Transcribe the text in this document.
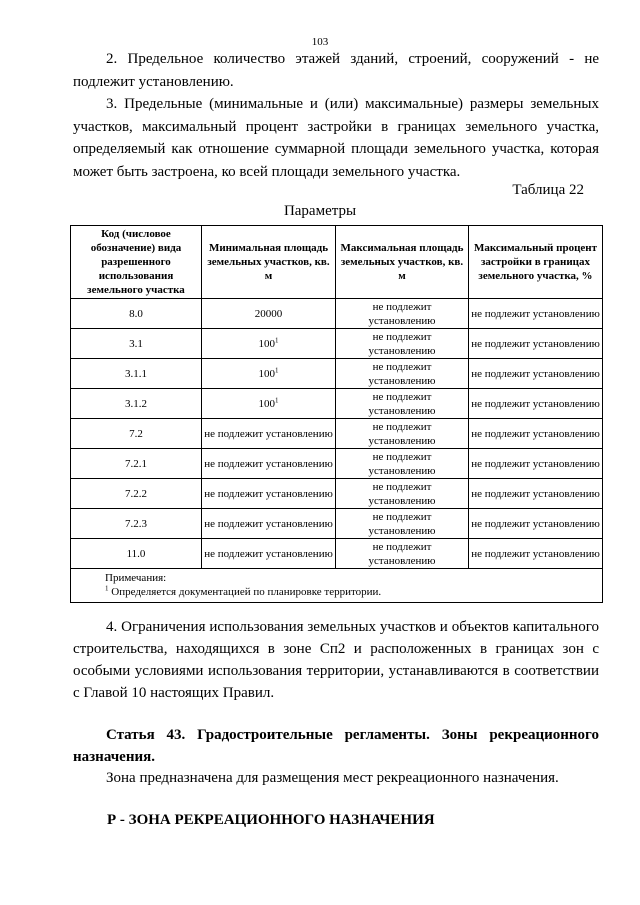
103
2. Предельное количество этажей зданий, строений, сооружений - не подлежит установлению.
3. Предельные (минимальные и (или) максимальные) размеры земельных участков, максимальный процент застройки в границах земельного участка, определяемый как отношение суммарной площади земельного участка, которая может быть застроена, ко всей площади земельного участка.
Таблица 22
Параметры
Код (числовое обозначение) вида разрешенного использования земельного участка	Минимальная площадь земельных участков, кв. м	Максимальная площадь земельных участков, кв. м	Максимальный процент застройки в границах земельного участка, %
8.0	20000	не подлежит установлению	не подлежит установлению
3.1	$100^1$	не подлежит установлению	не подлежит установлению
3.1.1	$100^1$	не подлежит установлению	не подлежит установлению
3.1.2	$100^1$	не подлежит установлению	не подлежит установлению
7.2	не подлежит установлению	не подлежит установлению	не подлежит установлению
7.2.1	не подлежит установлению	не подлежит установлению	не подлежит установлению
7.2.2	не подлежит установлению	не подлежит установлению	не подлежит установлению
7.2.3	не подлежит установлению	не подлежит установлению	не подлежит установлению
11.0	не подлежит установлению	не подлежит установлению	не подлежит установлению
Примечания:
$^1$ Определяется документацией по планировке территории.			
4. Ограничения использования земельных участков и объектов капитального строительства, находящихся в зоне Сп2 и расположенных в границах зон с особыми условиями использования территории, устанавливаются в соответствии с Главой 10 настоящих Правил.
Статья 43. Градостроительные регламенты. Зоны рекреационного назначения.
Зона предназначена для размещения мест рекреационного назначения.
Р - ЗОНА РЕКРЕАЦИОННОГО НАЗНАЧЕНИЯ
